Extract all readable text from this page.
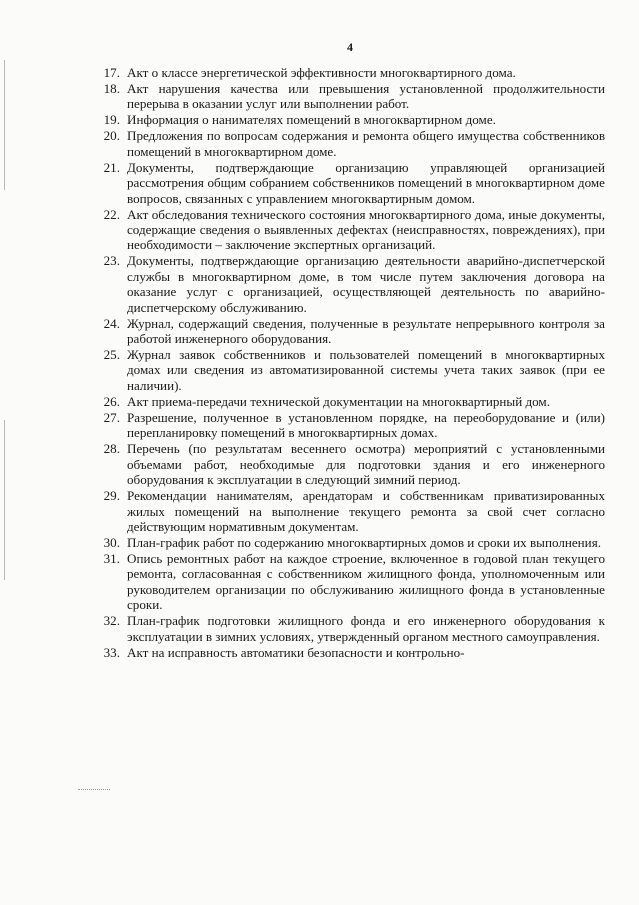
4
17. Акт о классе энергетической эффективности многоквартирного дома.
18. Акт нарушения качества или превышения установленной продолжительности перерыва в оказании услуг или выполнении работ.
19. Информация о нанимателях помещений в многоквартирном доме.
20. Предложения по вопросам содержания и ремонта общего имущества собственников помещений в многоквартирном доме.
21. Документы, подтверждающие организацию управляющей организацией рассмотрения общим собранием собственников помещений в многоквартирном доме вопросов, связанных с управлением многоквартирным домом.
22. Акт обследования технического состояния многоквартирного дома, иные документы, содержащие сведения о выявленных дефектах (неисправностях, повреждениях), при необходимости – заключение экспертных организаций.
23. Документы, подтверждающие организацию деятельности аварийно-диспетчерской службы в многоквартирном доме, в том числе путем заключения договора на оказание услуг с организацией, осуществляющей деятельность по аварийно-диспетчерскому обслуживанию.
24. Журнал, содержащий сведения, полученные в результате непрерывного контроля за работой инженерного оборудования.
25. Журнал заявок собственников и пользователей помещений в многоквартирных домах или сведения из автоматизированной системы учета таких заявок (при ее наличии).
26. Акт приема-передачи технической документации на многоквартирный дом.
27. Разрешение, полученное в установленном порядке, на переоборудование и (или) перепланировку помещений в многоквартирных домах.
28. Перечень (по результатам весеннего осмотра) мероприятий с установленными объемами работ, необходимые для подготовки здания и его инженерного оборудования к эксплуатации в следующий зимний период.
29. Рекомендации нанимателям, арендаторам и собственникам приватизированных жилых помещений на выполнение текущего ремонта за свой счет согласно действующим нормативным документам.
30. План-график работ по содержанию многоквартирных домов и сроки их выполнения.
31. Опись ремонтных работ на каждое строение, включенное в годовой план текущего ремонта, согласованная с собственником жилищного фонда, уполномоченным или руководителем организации по обслуживанию жилищного фонда в установленные сроки.
32. План-график подготовки жилищного фонда и его инженерного оборудования к эксплуатации в зимних условиях, утвержденный органом местного самоуправления.
33. Акт на исправность автоматики безопасности и контрольно-
